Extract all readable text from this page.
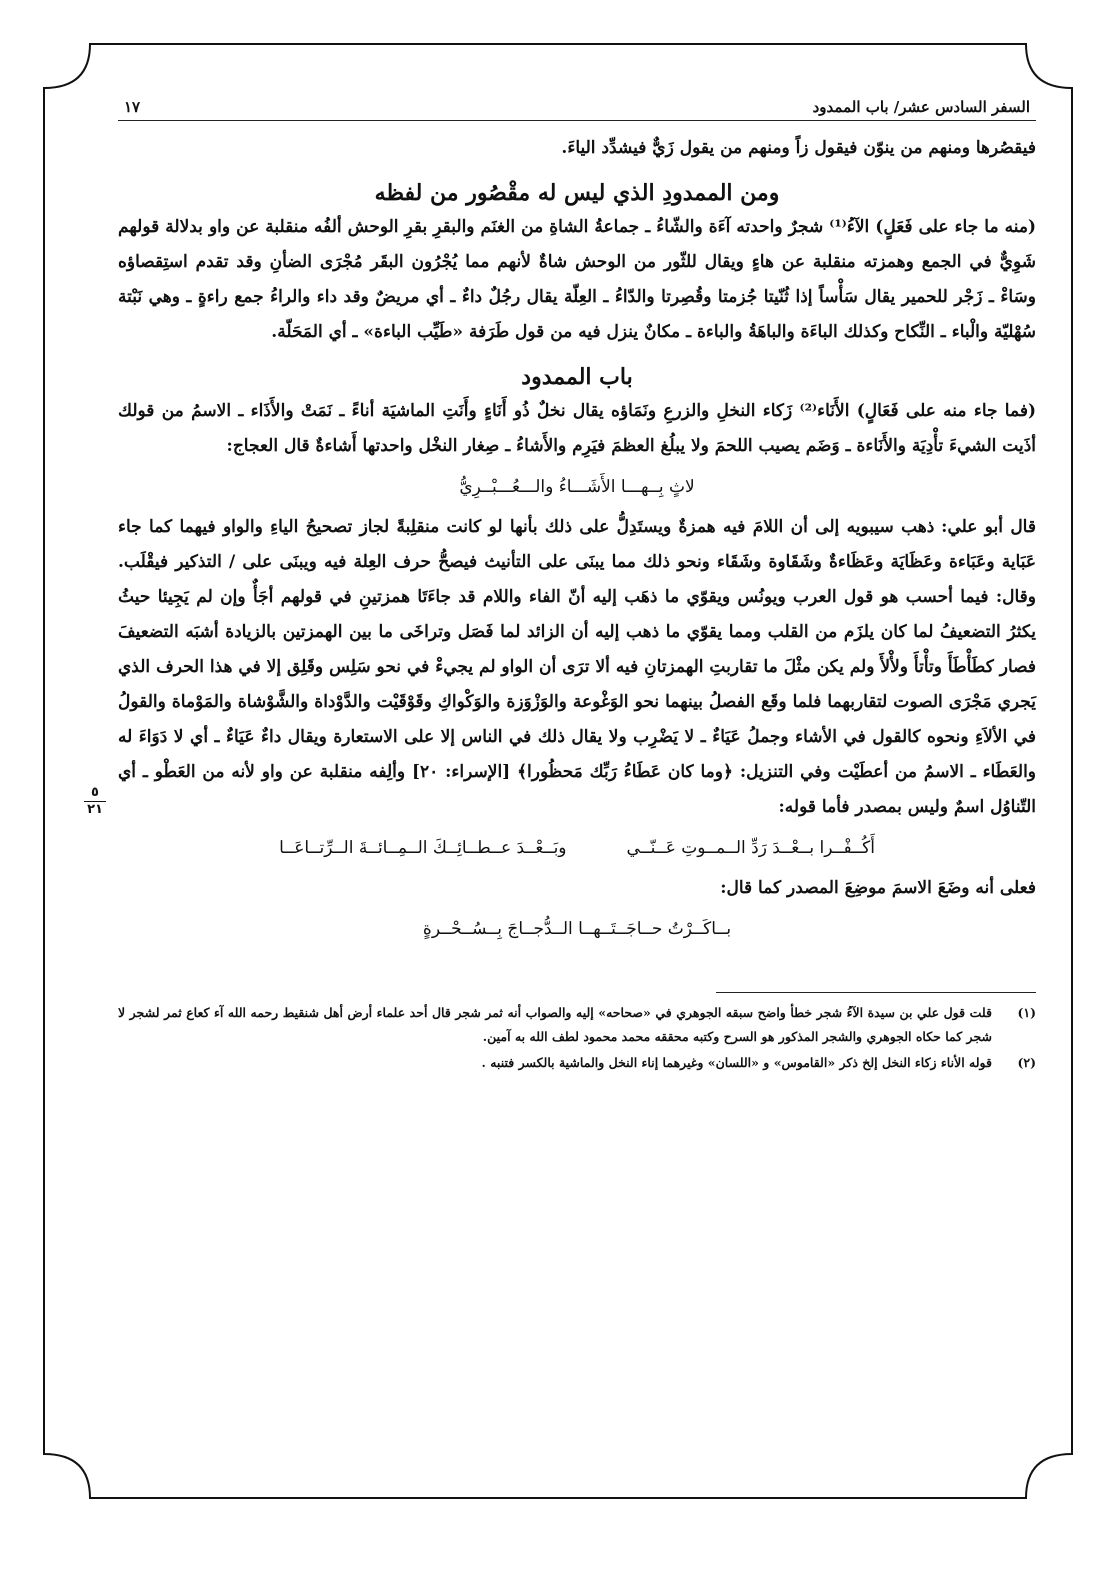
٥
٢١
السفر السادس عشر/ باب الممدود
١٧

فيقصُرها ومنهم من ينوّن فيقول زاً ومنهم من يقول زَيٌّ فيشدِّد الياءَ.

ومن الممدودِ الذي ليس له مقْصُور من لفظه

(منه ما جاء على فَعَلٍ) الآءُ⁽¹⁾ شجرٌ واحدته آءَة والشّاءُ ـ جماعةُ الشاةِ من الغنَم والبقرِ بقرِ الوحش ألفُه منقلبة عن واو بدلالة قولهم شَوِيٌّ في الجمع وهمزته منقلبة عن هاءٍ ويقال للثّور من الوحش شاةٌ لأنهم مما يُجْرُون البقَر مُجْرَى الضأنِ وقد تقدم استِقصاؤه وسَاءْ ـ زَجْر للحمير يقال سَأْساً إذا ثُنّيتا جُزمتا وقُصِرتا والدّاءُ ـ العِلّة يقال رجُلٌ داءٌ ـ أي مريضٌ وقد داء والراءُ جمع راءةٍ ـ وهي نَبْتة سُهْليّة والْباء ـ النِّكاح وكذلك الباءَة والباهَةُ والباءة ـ مكانٌ ينزل فيه من قول طَرَفة «طَيِّب الباءة» ـ أي المَحَلّة.

باب الممدود

(فما جاء منه على فَعَالٍ) الأَنَاء⁽²⁾ زَكاء النخلِ والزرعِ ونَمَاؤه يقال نخلٌ ذُو أَنَاءٍ وأَنَتِ الماشيَة أناءً ـ نَمَتْ والأَذَاء ـ الاسمُ من قولك أذَيت الشيءَ تأْدِيَة والأَنَاءة ـ وَضَم يصيب اللحمَ ولا يبلُغ العظمَ فيَرِم والأَشاءُ ـ صِغار النخْل واحدتها أَشاءةٌ قال العجاج:

لاثٍ بِــهـــا الأَشَـــاءُ والـــعُـــبْــرِيُّ

قال أبو علي: ذهب سيبويه إلى أن اللامَ فيه همزةٌ ويستَدِلُّ على ذلك بأنها لو كانت منقلِبةً لجاز تصحيحُ الياءِ والواو فيهما كما جاء عَبَاية وعَبَاءة وعَظَايَة وعَظَاءةٌ وشَقَاوة وشَقَاء ونحو ذلك مما يبنَى على التأنيث فيصحُّ حرف العِلة فيه ويبنَى على / التذكير فيقْلَب. وقال: فيما أحسب هو قول العرب ويونُس ويقوّي ما ذهَب إليه أنّ الفاء واللام قد جاءَتَا همزتينِ في قولهم أجَأٌ وإن لم يَجِيئا حيثُ يكثرُ التضعيفُ لما كان يلزَم من القلب ومما يقوّي ما ذهب إليه أن الزائد لما فَصَل وتراخَى ما بين الهمزتين بالزيادة أشبَه التضعيفَ فصار كطَأْطَأَ وتأْتأَ ولأْلأَ ولم يكن مثْلَ ما تقاربتِ الهمزتانِ فيه ألا ترَى أن الواو لم يجيءْ في نحو سَلِس وقَلِق إلا في هذا الحرف الذي يَجري مَجْرَى الصوت لتقاربهما فلما وقَع الفصلُ بينهما نحو الوَغْوعة والوَزْوَزة والوَكْواكِ وقَوْقَيْت والدَّوْداة والشَّوْشاة والمَوْماة والقولُ في الألاَءِ ونحوه كالقول في الأشاء وجملُ عَيَاءٌ ـ لا يَضْرِب ولا يقال ذلك في الناس إلا على الاستعارة ويقال داءٌ عَيَاءٌ ـ أي لا دَوَاءَ له والعَطَاء ـ الاسمُ من أعطَيْت وفي التنزيل: ﴿وما كان عَطَاءُ رَبِّك مَحظُورا﴾ [الإسراء: ٢٠] وألِفه منقلبة عن واو لأنه من العَطْو ـ أي التّناوُل اسمٌ وليس بمصدر فأما قوله:

أَكُــفْــرا بــعْــدَ رَدِّ الــمــوتِ عَــنّــي
وبَــعْــدَ عــطــائِــكَ الــمِــائــةَ الــرِّتــاعَــا

فعلى أنه وضَعَ الاسمَ موضِعَ المصدر كما قال:

بــاكَــرْتُ حــاجَــتَــهــا الــدُّجــاجَ بِــسُــحْــرةٍ

(١)
قلت قول علي بن سيدة الآءُ شجر خطأ واضح سبقه الجوهري في «صحاحه» إليه والصواب أنه ثمر شجر قال أحد علماء أرض أهل شنقيط رحمه الله آء كعاع ثمر لشجر لا شجر كما حكاه الجوهري والشجر المذكور هو السرح وكتبه محققه محمد محمود لطف الله به آمين.
(٢)
قوله الأناء زكاء النخل إلخ ذكر «القاموس» و «اللسان» وغيرهما إناء النخل والماشية بالكسر فتنبه .
